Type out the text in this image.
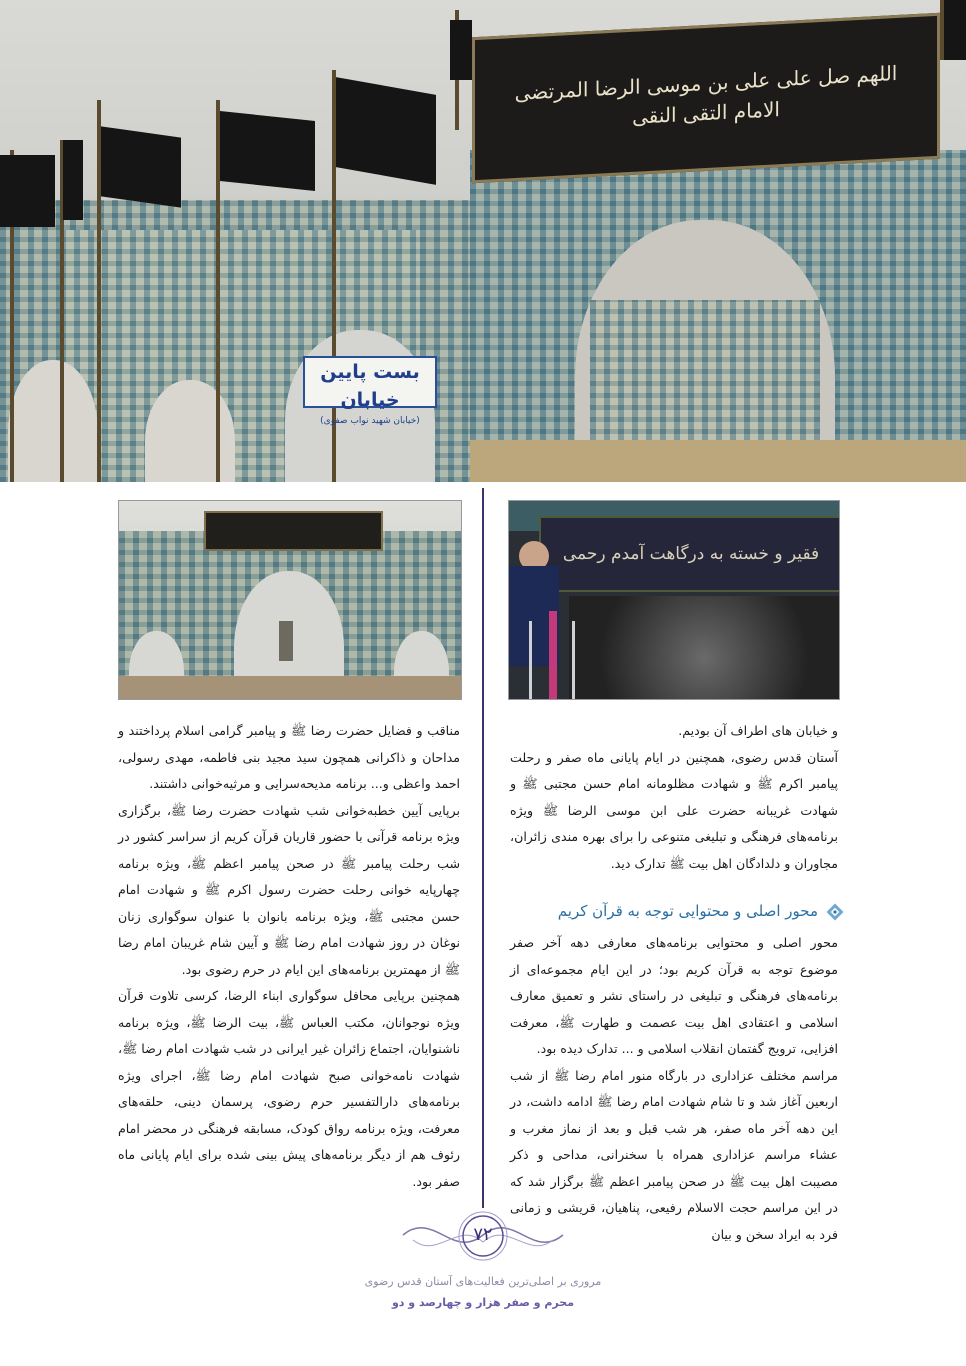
اللهم صل علی علی بن موسی الرضا المرتضی الامام التقی النقی
بست پایین خیابان
(خیابان شهید نواب صفوی)
فقیر و خسته به درگاهت آمدم رحمی

و خیابان های اطراف آن بودیم.

آستان قدس رضوی، همچنین در ایام پایانی ماه صفر و رحلت پیامبر اکرم ﷺ و شهادت مظلومانه امام حسن مجتبی ﷺ و شهادت غریبانه حضرت علی ابن موسی الرضا ﷺ ویژه برنامه‌های فرهنگی و تبلیغی متنوعی را برای بهره مندی زائران، مجاوران و دلدادگان اهل بیت ﷺ تدارک دید.

محور اصلی و محتوایی توجه به قرآن کریم

محور اصلی و محتوایی برنامه‌های معارفی دهه آخر صفر موضوع توجه به قرآن کریم بود؛ در این ایام مجموعه‌ای از برنامه‌های فرهنگی و تبلیغی در راستای نشر و تعمیق معارف اسلامی و اعتقادی اهل بیت عصمت و طهارت ﷺ، معرفت افزایی، ترویج گفتمان انقلاب اسلامی و ... تدارک دیده بود.

مراسم مختلف عزاداری در بارگاه منور امام رضا ﷺ از شب اربعین آغاز شد و تا شام شهادت امام رضا ﷺ ادامه داشت، در این دهه آخر ماه صفر، هر شب قبل و بعد از نماز مغرب و عشاء مراسم عزاداری همراه با سخنرانی، مداحی و ذکر مصیبت اهل بیت ﷺ در صحن پیامبر اعظم ﷺ برگزار شد که در این مراسم حجت الاسلام رفیعی، پناهیان، قریشی و زمانی فرد به ایراد سخن و بیان

مناقب و فضایل حضرت رضا ﷺ و پیامبر گرامی اسلام پرداختند و مداحان و ذاکرانی همچون سید مجید بنی فاطمه، مهدی رسولی، احمد واعظی و... برنامه مدیحه‌سرایی و مرثیه‌خوانی داشتند.

برپایی آیین خطبه‌خوانی شب شهادت حضرت رضا ﷺ، برگزاری ویژه برنامه قرآنی با حضور قاریان قرآن کریم از سراسر کشور در شب رحلت پیامبر ﷺ در صحن پیامبر اعظم ﷺ، ویژه برنامه چهارپایه خوانی رحلت حضرت رسول اکرم ﷺ و شهادت امام حسن مجتبی ﷺ، ویژه برنامه بانوان با عنوان سوگواری زنان نوغان در روز شهادت امام رضا ﷺ و آیین شام غریبان امام رضا ﷺ از مهمترین برنامه‌های این ایام در حرم رضوی بود.

همچنین برپایی محافل سوگواری ابناء الرضا، کرسی تلاوت قرآن ویژه نوجوانان، مکتب العباس ﷺ، بیت الرضا ﷺ، ویژه برنامه ناشنوایان، اجتماع زائران غیر ایرانی در شب شهادت امام رضا ﷺ، شهادت نامه‌خوانی صبح شهادت امام رضا ﷺ، اجرای ویژه برنامه‌های دارالتفسیر حرم رضوی، پرسمان دینی، حلقه‌های معرفت، ویژه برنامه رواق کودک، مسابقه فرهنگی در محضر امام رئوف هم از دیگر برنامه‌های پیش بینی شده برای ایام پایانی ماه صفر بود.

۷۲
مروری بر اصلی‌ترین فعالیت‌های آستان قدس رضوی
محرم و صفر هزار و چهارصد و دو
